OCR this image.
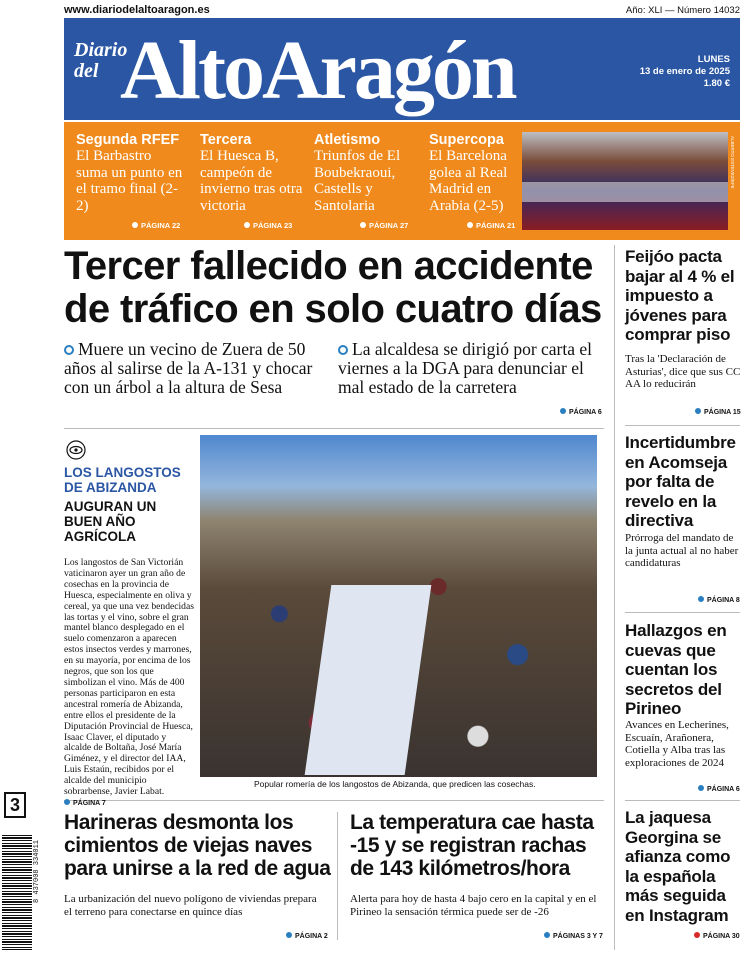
www.diariodelaltoaragon.es	Año: XLI — Número 14032
Diario
del AltoAragón	LUNES
13 de enero de 2025
1.80 €
Segunda RFEF

El Barbastro suma un punto en el tramo final (2-2)

PÁGINA 22
Tercera

El Huesca B, campeón de invierno tras otra victoria

PÁGINA 23
Atletismo

Triunfos de El Boubekraoui, Castells y Santolaria

PÁGINA 27
Supercopa

El Barcelona golea al Real Madrid en Arabia (2-5)

PÁGINA 21
ALBERTO ESTEVEZ/EFE
Tercer fallecido en accidente de tráfico en solo cuatro días
Muere un vecino de Zuera de 50 años al salirse de la A-131 y chocar con un árbol a la altura de Sesa
La alcaldesa se dirigió por carta el viernes a la DGA para denunciar el mal estado de la carretera
PÁGINA 6
LOS LANGOSTOS DE ABIZANDA
AUGURAN UN BUEN AÑO AGRÍCOLA

Los langostos de San Victorián vaticinaron ayer un gran año de cosechas en la provincia de Huesca, especialmente en oliva y cereal, ya que una vez bendecidas las tortas y el vino, sobre el gran mantel blanco desplegado en el suelo comenzaron a aparecen estos insectos verdes y marrones, en su mayoría, por encima de los negros, que son los que simbolizan el vino. Más de 400 personas participaron en esta ancestral romería de Abizanda, entre ellos el presidente de la Diputación Provincial de Huesca, Isaac Claver, el diputado y alcalde de Boltaña, José María Giménez, y el director del IAA, Luis Estaún, recibidos por el alcalde del municipio sobrarbense, Javier Labat. PÁGINA 7

Popular romería de los langostos de Abizanda, que predicen las cosechas.
Harineras desmonta los cimientos de viejas naves para unirse a la red de agua

La urbanización del nuevo polígono de viviendas prepara el terreno para conectarse en quince días

PÁGINA 2
La temperatura cae hasta -15 y se registran rachas de 143 kilómetros/hora

Alerta para hoy de hasta 4 bajo cero en la capital y en el Pirineo la sensación térmica puede ser de -26

PÁGINAS 3 Y 7
Feijóo pacta bajar al 4 % el impuesto a jóvenes para comprar piso

Tras la 'Declaración de Asturias', dice que sus CC AA lo reducirán

PÁGINA 15
Incertidumbre en Acomseja por falta de revelo en la directiva

Prórroga del mandato de la junta actual al no haber candidaturas

PÁGINA 8
Hallazgos en cuevas que cuentan los secretos del Pirineo

Avances en Lecherines, Escuaín, Arañonera, Cotiella y Alba tras las exploraciones de 2024

PÁGINA 6
La jaquesa Georgina se afianza como la española más seguida en Instagram
PÁGINA 30
3
8 437008 334011
